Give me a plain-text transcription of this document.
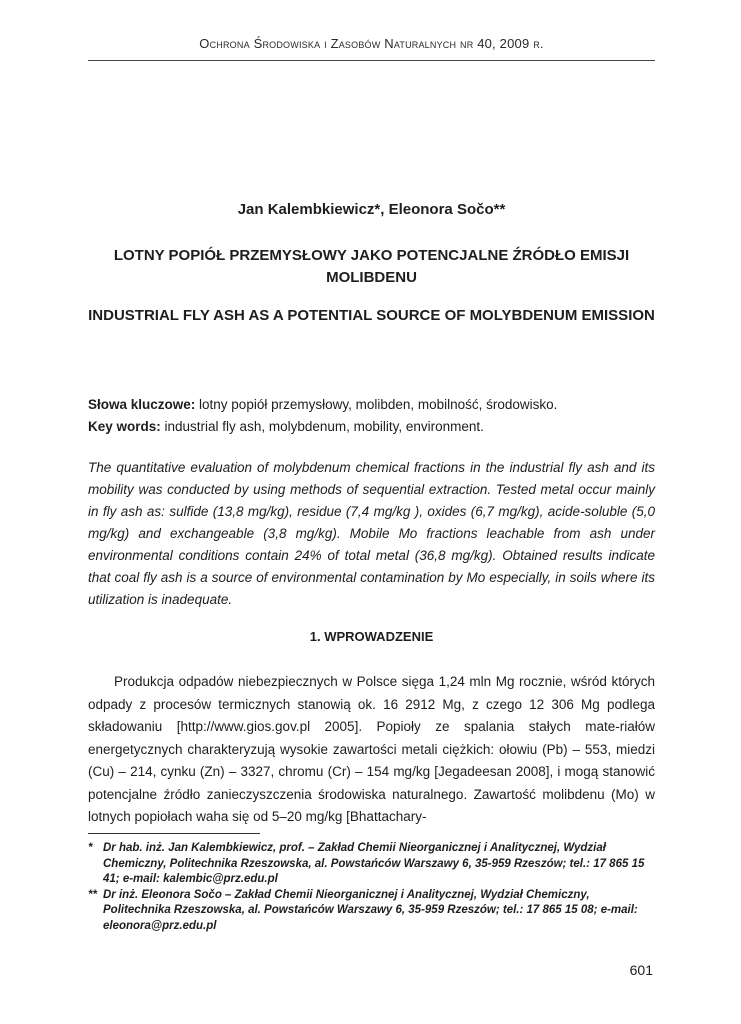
Ochrona Środowiska i Zasobów Naturalnych nr 40, 2009 r.
Jan Kalembkiewicz*, Eleonora Sočo**
LOTNY POPIÓŁ PRZEMYSŁOWY JAKO POTENCJALNE ŹRÓDŁO EMISJI MOLIBDENU
INDUSTRIAL FLY ASH AS A POTENTIAL SOURCE OF MOLYBDENUM EMISSION
Słowa kluczowe: lotny popiół przemysłowy, molibden, mobilność, środowisko.
Key words: industrial fly ash, molybdenum, mobility, environment.
The quantitative evaluation of molybdenum chemical fractions in the industrial fly ash and its mobility was conducted by using methods of sequential extraction. Tested metal occur mainly in fly ash as: sulfide (13,8 mg/kg), residue (7,4 mg/kg ), oxides (6,7 mg/kg), acide-soluble (5,0 mg/kg) and exchangeable (3,8 mg/kg). Mobile Mo fractions leachable from ash under environmental conditions contain 24% of total metal (36,8 mg/kg). Obtained results indicate that coal fly ash is a source of environmental contamination by Mo especially, in soils where its utilization is inadequate.
1. WPROWADZENIE
Produkcja odpadów niebezpiecznych w Polsce sięga 1,24 mln Mg rocznie, wśród których odpady z procesów termicznych stanowią ok. 16 2912 Mg, z czego 12 306 Mg podlega składowaniu [http://www.gios.gov.pl 2005]. Popioły ze spalania stałych mate-riałów energetycznych charakteryzują wysokie zawartości metali ciężkich: ołowiu (Pb) – 553, miedzi (Cu) – 214, cynku (Zn) – 3327, chromu (Cr) – 154 mg/kg [Jegadeesan 2008], i mogą stanowić potencjalne źródło zanieczyszczenia środowiska naturalnego. Zawartość molibdenu (Mo) w lotnych popiołach waha się od 5–20 mg/kg [Bhattachary-
* Dr hab. inż. Jan Kalembkiewicz, prof. – Zakład Chemii Nieorganicznej i Analitycznej, Wydział Chemiczny, Politechnika Rzeszowska, al. Powstańców Warszawy 6, 35-959 Rzeszów; tel.: 17 865 15 41; e-mail: kalembic@prz.edu.pl
** Dr inż. Eleonora Sočo – Zakład Chemii Nieorganicznej i Analitycznej, Wydział Chemiczny, Politechnika Rzeszowska, al. Powstańców Warszawy 6, 35-959 Rzeszów; tel.: 17 865 15 08; e-mail: eleonora@prz.edu.pl
601
